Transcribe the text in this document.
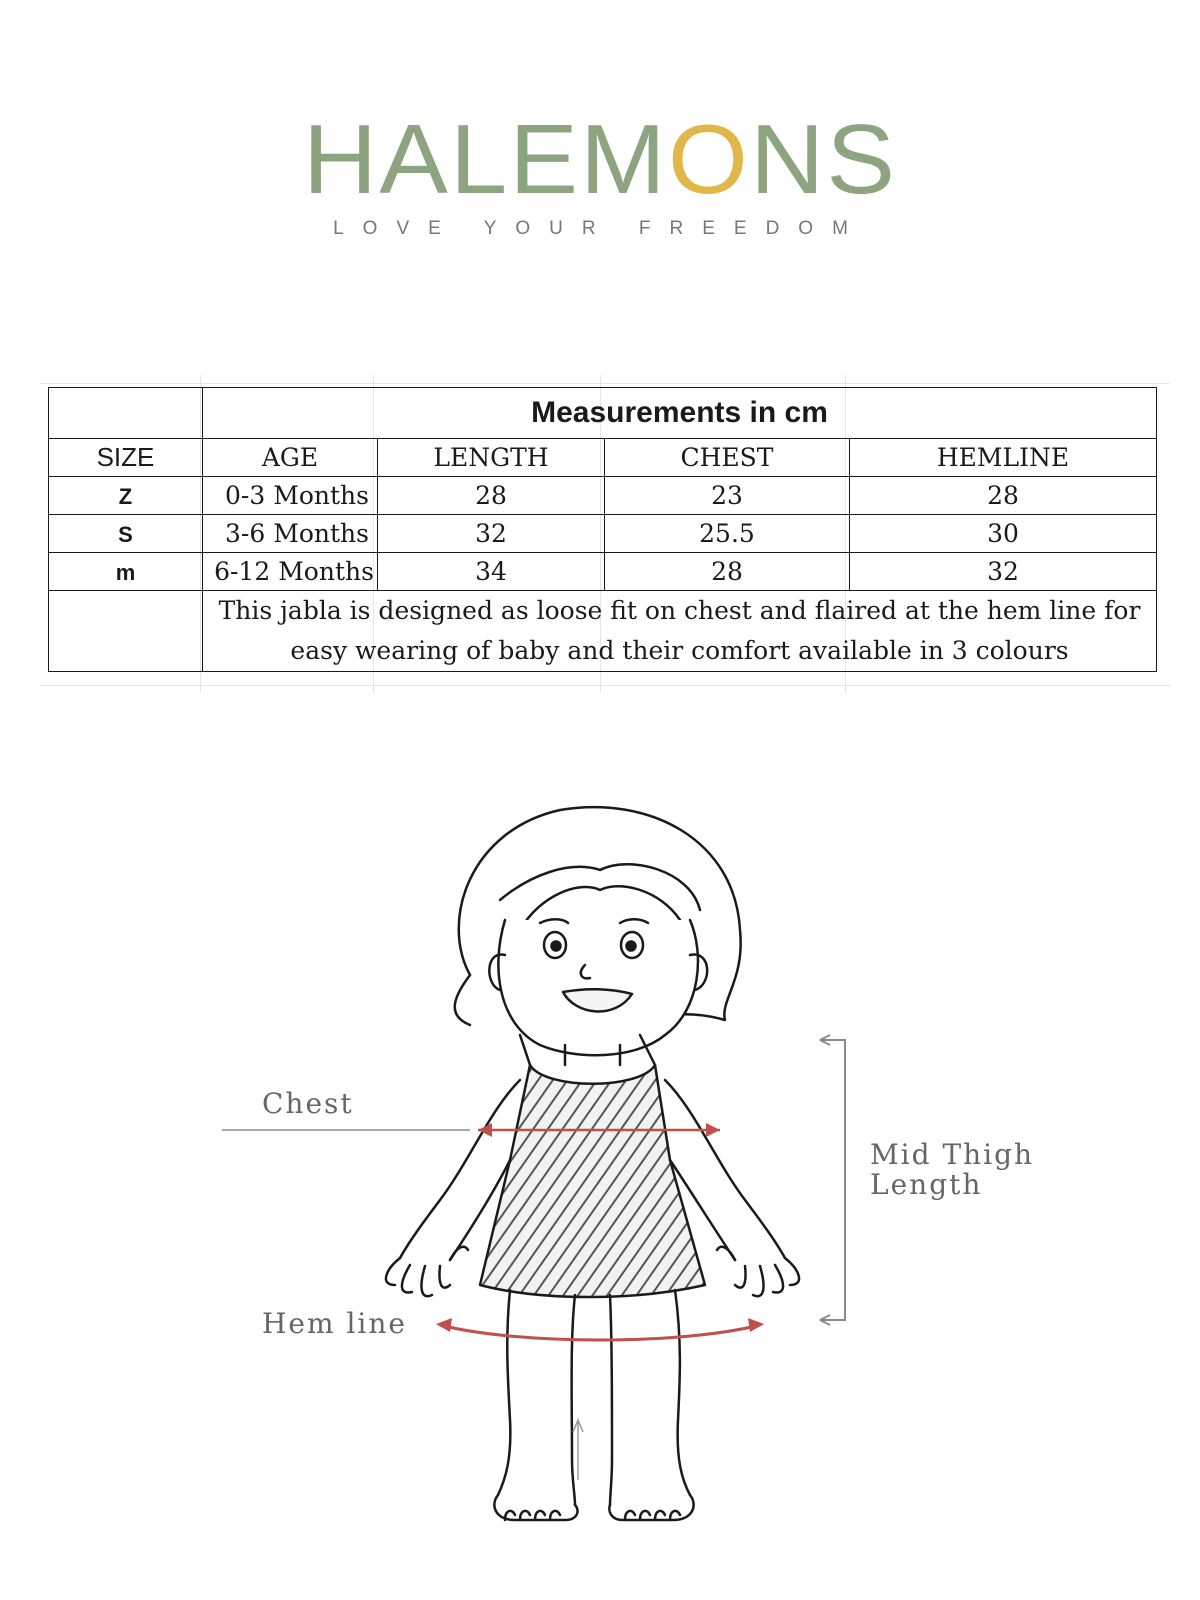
HALEMONS
LOVE YOUR FREEDOM
	Measurements in cm			
SIZE	AGE	LENGTH	CHEST	HEMLINE
Z	0-3 Months	28	23	28
S	3-6 Months	32	25.5	30
m	6-12 Months	34	28	32
	This jabla is designed as loose fit on chest and flaired at the hem line for easy wearing of baby and their comfort available in 3 colours			
Chest
Mid Thigh
Length
Hem line
